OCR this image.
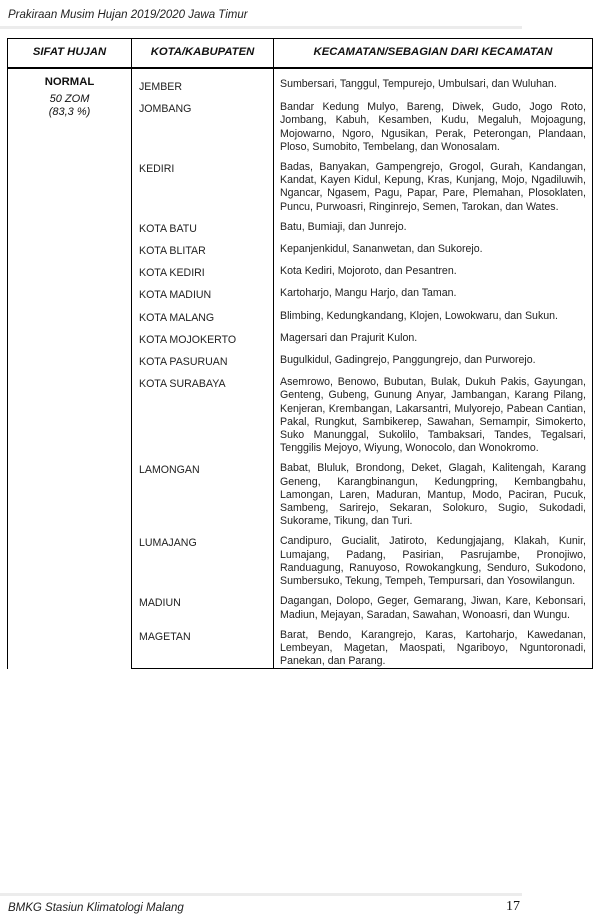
Prakiraan Musim Hujan 2019/2020 Jawa Timur
SIFAT HUJAN	KOTA/KABUPATEN	KECAMATAN/SEBAGIAN DARI KECAMATAN

NORMAL
50 ZOM
(83,3 %)	JEMBER	Sumbersari, Tanggul, Tempurejo, Umbulsari, dan Wuluhan.

	JOMBANG	Bandar Kedung Mulyo, Bareng, Diwek, Gudo, Jogo Roto, Jombang, Kabuh, Kesamben, Kudu, Megaluh, Mojoagung, Mojowarno, Ngoro, Ngusikan, Perak, Peterongan, Plandaan, Ploso, Sumobito, Tembelang, dan Wonosalam.

	KEDIRI	Badas, Banyakan, Gampengrejo, Grogol, Gurah, Kandangan, Kandat, Kayen Kidul, Kepung, Kras, Kunjang, Mojo, Ngadiluwih, Ngancar, Ngasem, Pagu, Papar, Pare, Plemahan, Plosoklaten, Puncu, Purwoasri, Ringinrejo, Semen, Tarokan, dan Wates.

	KOTA BATU	Batu, Bumiaji, dan Junrejo.

	KOTA BLITAR	Kepanjenkidul, Sananwetan, dan Sukorejo.

	KOTA KEDIRI	Kota Kediri, Mojoroto, dan Pesantren.

	KOTA MADIUN	Kartoharjo, Mangu Harjo, dan Taman.

	KOTA MALANG	Blimbing, Kedungkandang, Klojen, Lowokwaru, dan Sukun.

	KOTA MOJOKERTO	Magersari dan Prajurit Kulon.

	KOTA PASURUAN	Bugulkidul, Gadingrejo, Panggungrejo, dan Purworejo.

	KOTA SURABAYA	Asemrowo, Benowo, Bubutan, Bulak, Dukuh Pakis, Gayungan, Genteng, Gubeng, Gunung Anyar, Jambangan, Karang Pilang, Kenjeran, Krembangan, Lakarsantri, Mulyorejo, Pabean Cantian, Pakal, Rungkut, Sambikerep, Sawahan, Semampir, Simokerto, Suko Manunggal, Sukolilo, Tambaksari, Tandes, Tegalsari, Tenggilis Mejoyo, Wiyung, Wonocolo, dan Wonokromo.

	LAMONGAN	Babat, Bluluk, Brondong, Deket, Glagah, Kalitengah, Karang Geneng, Karangbinangun, Kedungpring, Kembangbahu, Lamongan, Laren, Maduran, Mantup, Modo, Paciran, Pucuk, Sambeng, Sarirejo, Sekaran, Solokuro, Sugio, Sukodadi, Sukorame, Tikung, dan Turi.

	LUMAJANG	Candipuro, Gucialit, Jatiroto, Kedungjajang, Klakah, Kunir, Lumajang, Padang, Pasirian, Pasrujambe, Pronojiwo, Randuagung, Ranuyoso, Rowokangkung, Senduro, Sukodono, Sumbersuko, Tekung, Tempeh, Tempursari, dan Yosowilangun.

	MADIUN	Dagangan, Dolopo, Geger, Gemarang, Jiwan, Kare, Kebonsari, Madiun, Mejayan, Saradan, Sawahan, Wonoasri, dan Wungu.

	MAGETAN	Barat, Bendo, Karangrejo, Karas, Kartoharjo, Kawedanan, Lembeyan, Magetan, Maospati, Ngariboyo, Nguntoronadi, Panekan, dan Parang.
BMKG Stasiun Klimatologi Malang	17
